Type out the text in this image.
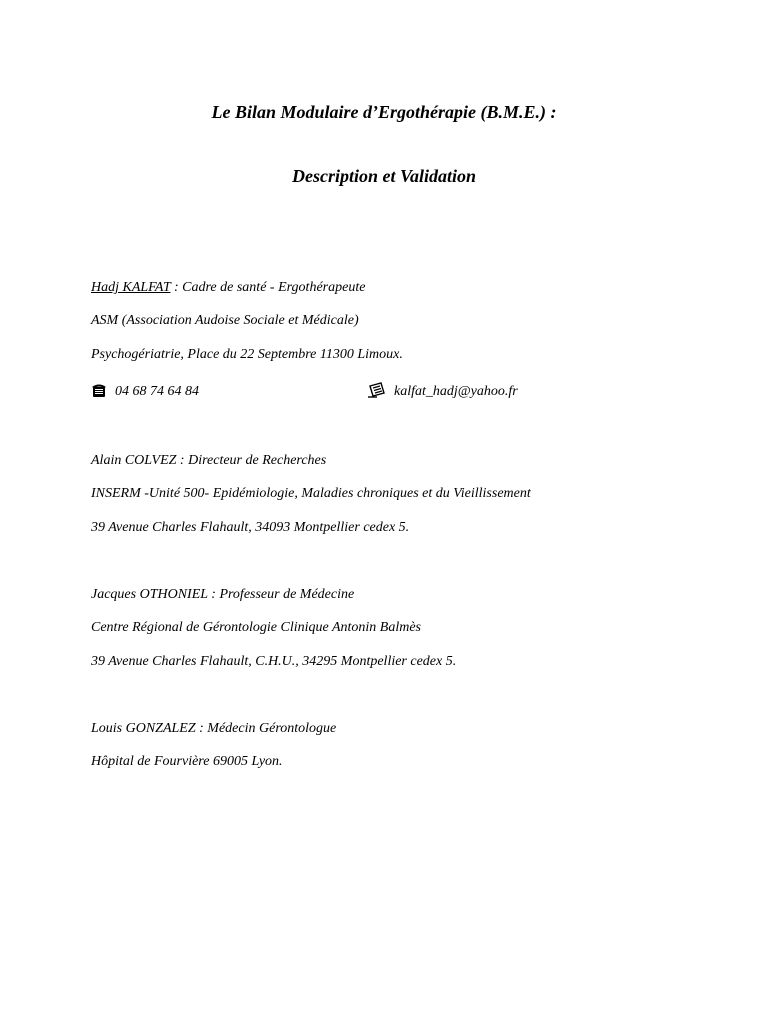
Le Bilan Modulaire d’Ergothérapie (B.M.E.) :
Description et Validation
Hadj KALFAT : Cadre de santé - Ergothérapeute
ASM (Association Audoise Sociale et Médicale)
Psychogériatrie, Place du 22 Septembre 11300 Limoux.
04 68 74 64 84	kalfat_hadj@yahoo.fr
Alain COLVEZ : Directeur de Recherches
INSERM -Unité 500- Epidémiologie, Maladies chroniques et du Vieillissement
39 Avenue Charles Flahault, 34093 Montpellier cedex 5.
Jacques OTHONIEL : Professeur de Médecine
Centre Régional de Gérontologie Clinique Antonin Balmès
39 Avenue Charles Flahault, C.H.U., 34295 Montpellier cedex 5.
Louis GONZALEZ : Médecin Gérontologue
Hôpital de Fourvière 69005 Lyon.
